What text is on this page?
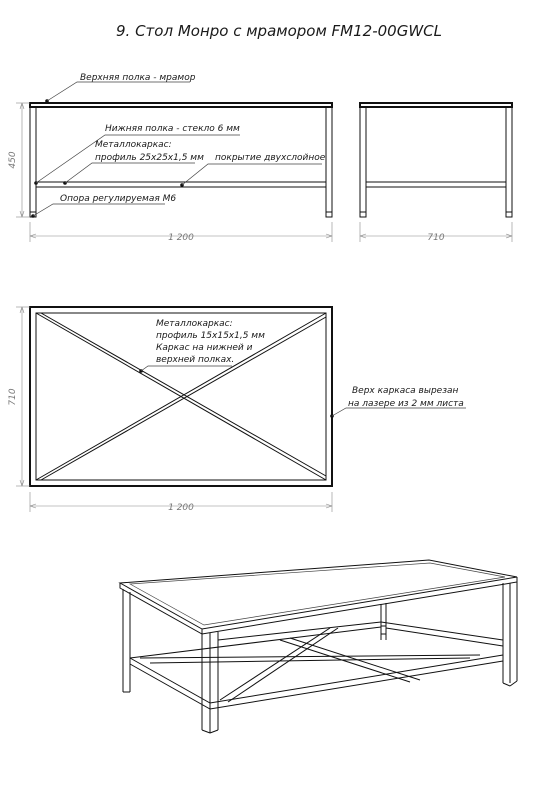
9. Стол Монро с мрамором FM12-00GWCL
450
1 200
Верхняя полка - мрамор
Нижняя полка - стекло 6 мм
Металлокаркас:
профиль 25x25x1,5 мм покрытие двухслойное
Опора регулируемая М6
710
710
1 200
Металлокаркас:
профиль 15x15x1,5 мм
Каркас на нижней и
верхней полках.
Верх каркаса вырезан
на лазере из 2 мм листа
